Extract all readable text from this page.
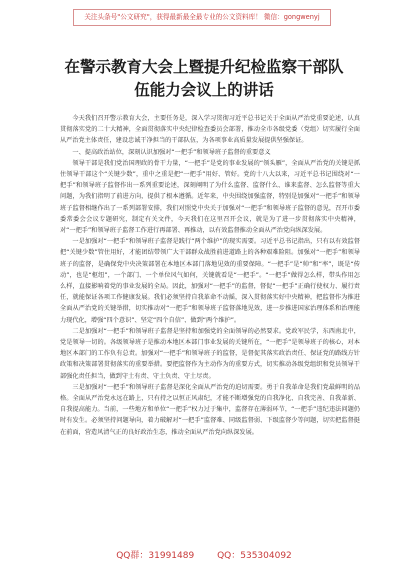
关注头条号"公文研究"，获得最新最全最专业的公文资料库！ 微信：gongwenyj
在警示教育大会上暨提升纪检监察干部队
伍能力会议上的讲话

今天我们召开警示教育大会，主要任务是，深入学习贯彻习近平总书记关于全面从严治党重要论述，认真贯彻落实党的二十大精神，全面贯彻落实中央纪律检查委员会部署，推动全市各级党委（党组）切实履行全面从严治党主体责任，建设忠诚干净担当的干部队伍，为各项事业高质量发展提供坚强保证。

一、提高政治站位，深刻认识加强对“一把手”和领导班子监督的重要意义

领导干部是我们党治国理政的骨干力量，“一把手”是党的事业发展的“领头雁”，全面从严治党的关键是抓住领导干部这个“关键少数”，重中之重是把“一把手”用好、管好。党的十八大以来，习近平总书记围绕对“一把手”和领导班子监督作出一系列重要论述，深刻阐明了为什么监督、监督什么、谁来监督、怎么监督等重大问题，为我们指明了前进方向，提供了根本遵循。近年来，中央围绕加强监督，特别是加强对“一把手”和领导班子监督相继作出了一系列部署安排，我们对照党中央关于加强对“一把手”和领导班子监督的意见，召开市委委常委会会议专题研究，制定有关文件，今天我们在这里召开会议，就是为了进一步贯彻落实中央精神，对“一把手”和领导班子监督工作进行再部署、再推动，以有效监督推动全面从严治党向纵深发展。

一是加强对“一把手”和领导班子监督是践行“两个维护”的现实需要。习近平总书记指出，只有以有效监督把“关键少数”管住用好，才能团结带领广大干部群众战胜前进道路上的各种艰难险阻。加强对“一把手”和领导班子的监督，是确保党中央决策部署在本地区本部门落地见效的重要保障。“一把手”是“帅”和“率”，既是“传动”，也是“枢纽”，一个部门、一个单位风气如何，关键就看是“一把手”。“一把手”做得怎么样，带头作用怎么样，直接影响着党的事业发展的全局。因此，加强对“一把手”的监督，督促“一把手”正确行使权力、履行责任，就能保证各项工作健康发展。我们必须坚持自我革命不动摇，深入贯彻落实好中央精神，把监督作为推进全面从严治党的关键举措，切实推动对“一把手”和领导班子监督落地见效，进一步推进国家治理体系和治理能力现代化，增强“四个意识”、坚定“四个自信”、做到“两个维护”。

二是加强对“一把手”和领导班子监督是坚持和加强党的全面领导的必然要求。党政军民学，东西南北中，党是领导一切的。各级领导班子是推动本地区本部门事业发展的关键所在，“一把手”是领导班子的核心，对本地区本部门的工作负有总责。加强对“一把手”和领导班子的监督，是督促其落实政治责任、保证党的路线方针政策和决策部署贯彻落实的重要举措。要把监督作为主动作为的重要方式，切实推动各级党组织和党员领导干部强化责任担当，做到守土有责、守土负责、守土尽责。

三是加强对“一把手”和领导班子监督是深化全面从严治党的迫切需要。勇于自我革命是我们党最鲜明的品格。全面从严治党永远在路上，只有持之以恒正风肃纪，才能不断增强党的自我净化、自我完善、自我革新、自我提高能力。当前，一些地方和单位“一把手”权力过于集中，监督存在薄弱环节，“一把手”违纪违法问题仍时有发生。必须坚持问题导向，着力破解对“一把手”监督难、同级监督弱、下级监督少等问题，切实把监督挺在前面，营造风清气正的良好政治生态，推动全面从严治党向纵深发展。

QQ群：31991489	QQ：535304092
